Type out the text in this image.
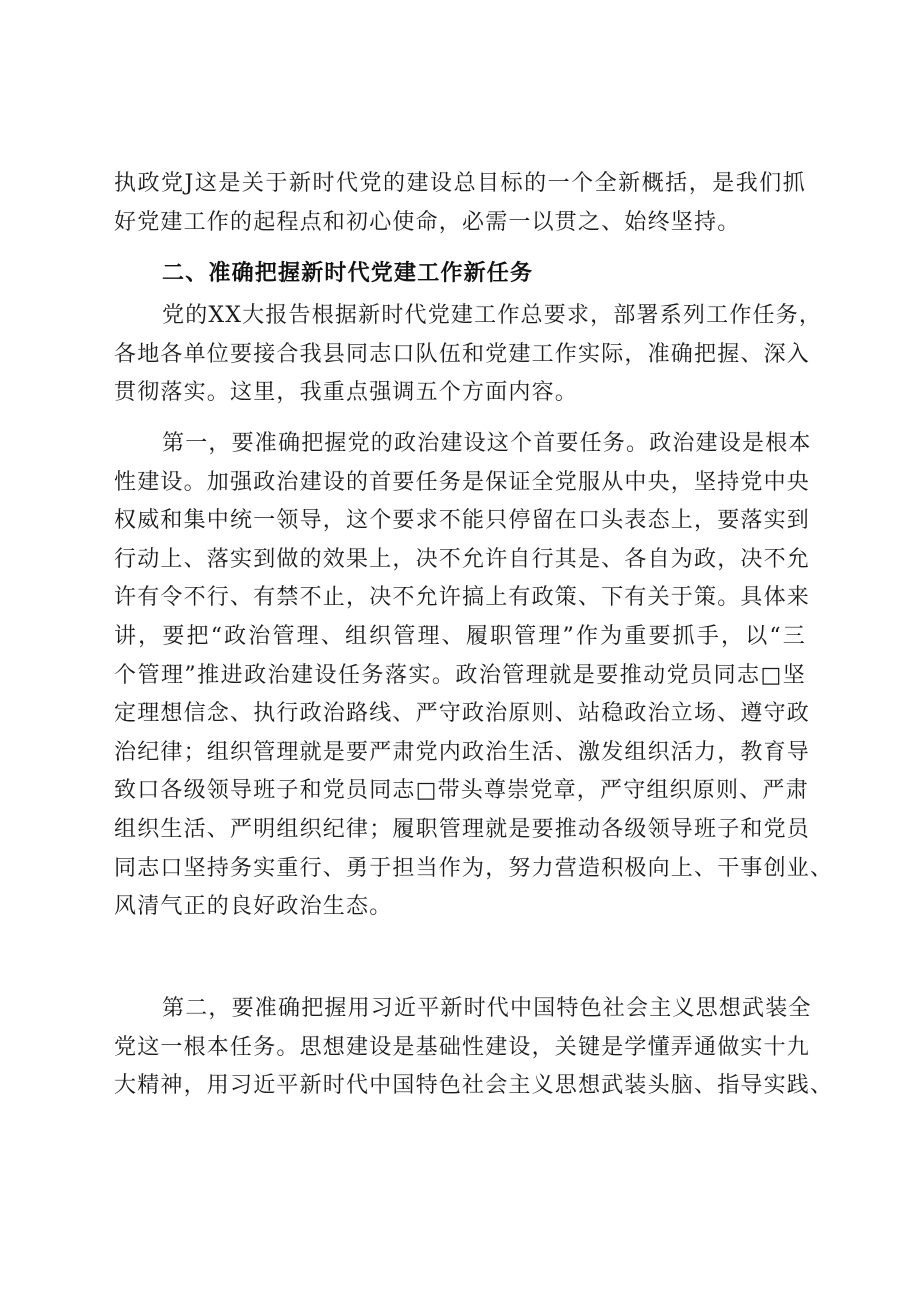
执政党J这是关于新时代党的建设总目标的一个全新概括，是我们抓
好党建工作的起程点和初心使命，必需一以贯之、始终坚持。
二、准确把握新时代党建工作新任务
党的XX大报告根据新时代党建工作总要求，部署系列工作任务，
各地各单位要接合我县同志口队伍和党建工作实际，准确把握、深入
贯彻落实。这里，我重点强调五个方面内容。
第一，要准确把握党的政治建设这个首要任务。政治建设是根本
性建设。加强政治建设的首要任务是保证全党服从中央，坚持党中央
权威和集中统一领导，这个要求不能只停留在口头表态上，要落实到
行动上、落实到做的效果上，决不允许自行其是、各自为政，决不允
许有令不行、有禁不止，决不允许搞上有政策、下有关于策。具体来
讲，要把“政治管理、组织管理、履职管理”作为重要抓手，以“三
个管理”推进政治建设任务落实。政治管理就是要推动党员同志□坚
定理想信念、执行政治路线、严守政治原则、站稳政治立场、遵守政
治纪律；组织管理就是要严肃党内政治生活、激发组织活力，教育导
致口各级领导班子和党员同志□带头尊崇党章，严守组织原则、严肃
组织生活、严明组织纪律；履职管理就是要推动各级领导班子和党员
同志口坚持务实重行、勇于担当作为，努力营造积极向上、干事创业、
风清气正的良好政治生态。
第二，要准确把握用习近平新时代中国特色社会主义思想武装全
党这一根本任务。思想建设是基础性建设，关键是学懂弄通做实十九
大精神，用习近平新时代中国特色社会主义思想武装头脑、指导实践、
